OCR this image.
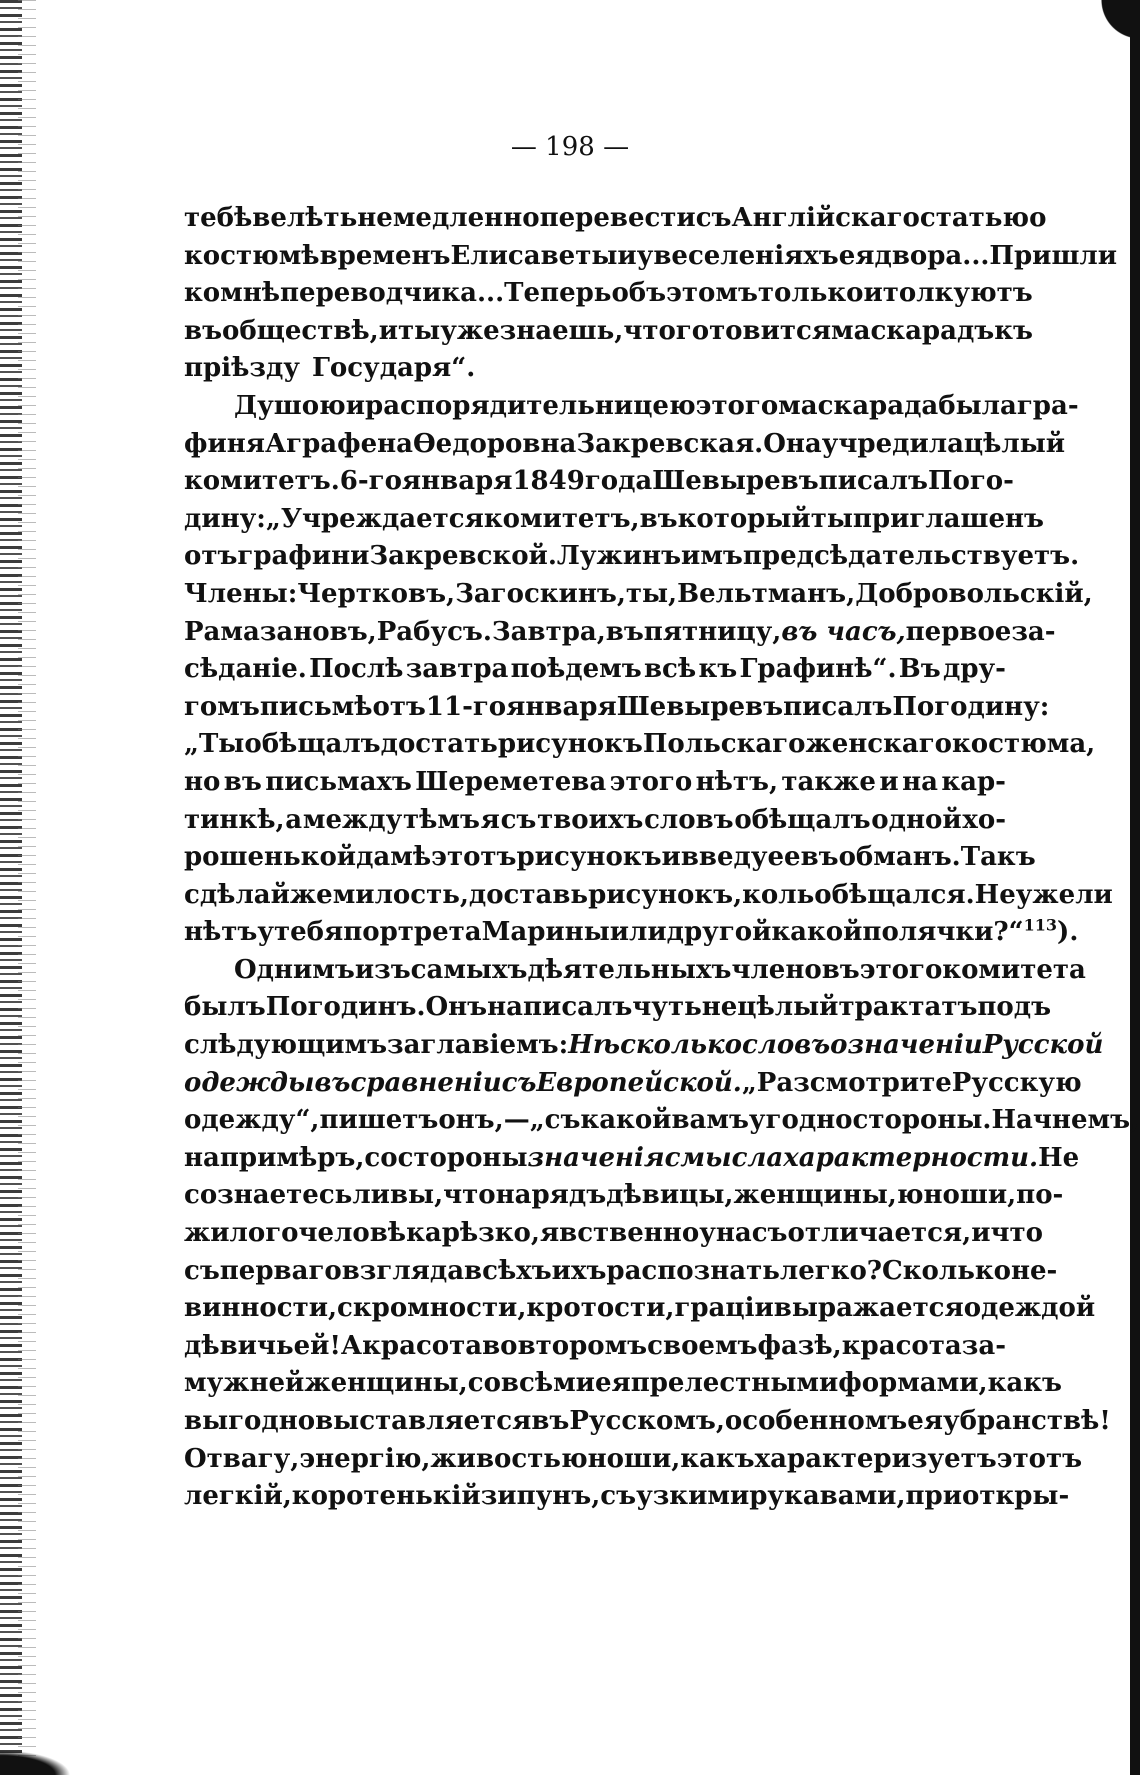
— 198 —
тебѣ велѣть немедленно перевести съ Англійскаго статью о
костюмѣ временъ Елисаветы и увеселеніяхъ ея двора... Пришли
ко мнѣ переводчика... Теперь объ этомъ только и толкуютъ
въ обществѣ, и ты уже знаешь, что готовится маскарадъ къ
пріѣзду Государя“.
Душою и распорядительницею этого маскарада была гра-
финя Аграфена Ѳедоровна Закревская. Она учредила цѣлый
комитетъ. 6-го января 1849 года Шевыревъ писалъ Пого-
дину: „Учреждается комитетъ, въ который ты приглашенъ
отъ графини Закревской. Лужинъ имъ предсѣдательствуетъ.
Члены: Чертковъ, Загоскинъ, ты, Вельтманъ, Добровольскій,
Рамазановъ, Рабусъ. Завтра, въ пятницу, въ часъ, первое за-
сѣданіе. Послѣ завтра поѣдемъ всѣ къ Графинѣ“. Въ дру-
гомъ письмѣ отъ 11-го января Шевыревъ писалъ Погодину:
„Ты обѣщалъ достать рисунокъ Польскаго женскаго костюма,
но въ письмахъ Шереметева этого нѣтъ, также и на кар-
тинкѣ, а между тѣмъ я съ твоихъ словъ обѣщалъ одной хо-
рошенькой дамѣ этотъ рисунокъ и введу ее въ обманъ. Такъ
сдѣлай же милость, доставь рисунокъ, коль обѣщался. Неужели
нѣтъ у тебя портрета Марины или другой какой полячки?“ $^{113}$).
Однимъ изъ самыхъ дѣятельныхъ членовъ этого комитета
былъ Погодинъ. Онъ написалъ чуть не цѣлый трактатъ подъ
слѣдующимъ заглавіемъ: Нѣсколько словъ о значеніи Русской
одежды въ сравненіи съ Европейской. „Разсмотрите Русскую
одежду“, пишетъ онъ, — „съ какой вамъ угодно стороны. Начнемъ,
напримѣръ, со стороны значенія смысла характерности. Не
сознаетесь ли вы, что нарядъ дѣвицы, женщины, юноши, по-
жилого человѣка рѣзко, явственно у насъ отличается, и что
съ перваго взгляда всѣхъ ихъ распознать легко? Сколько не-
винности, скромности, кротости, граціи выражается одеждой
дѣвичьей! А красота во второмъ своемъ фазѣ, красота за-
мужней женщины, со всѣми ея прелестными формами, какъ
выгодно выставляется въ Русскомъ, особенномъ ея убранствѣ!
Отвагу, энергію, живость юноши, какъ характеризуетъ этотъ
легкій, коротенькій зипунъ, съ узкими рукавами, при откры-
